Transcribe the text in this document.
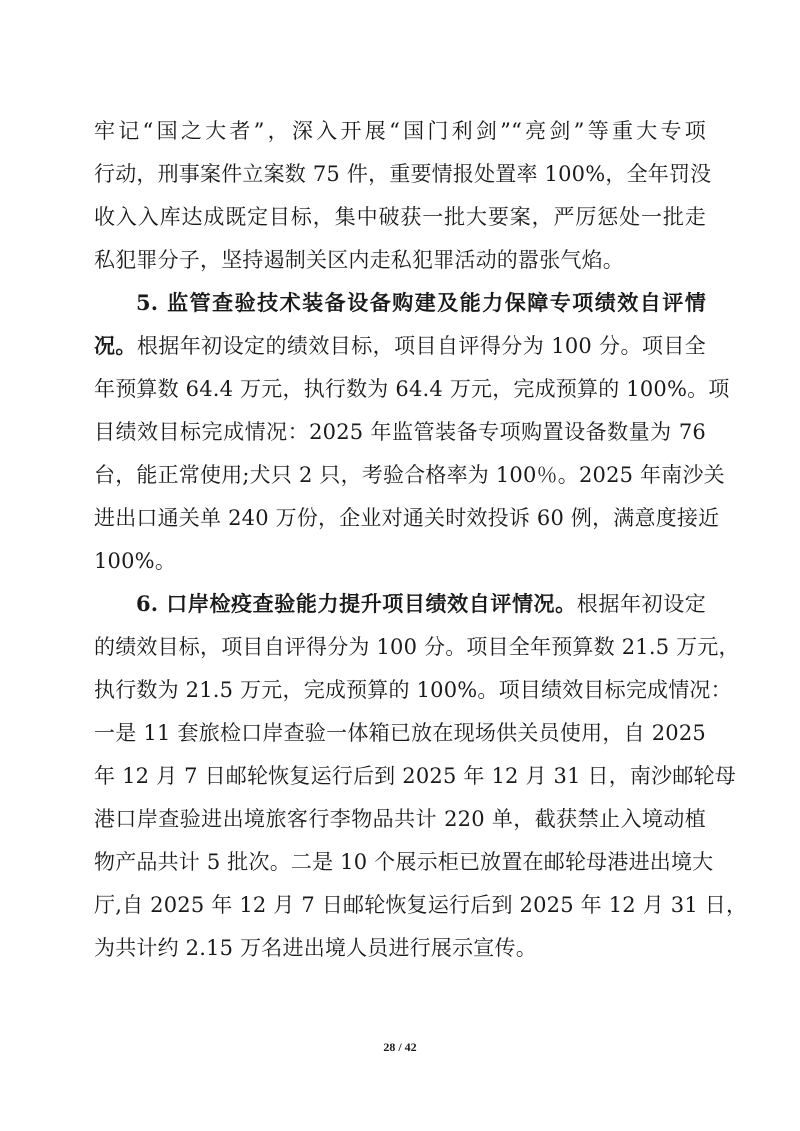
牢记“国之大者”，深入开展“国门利剑”“亮剑”等重大专项
行动，刑事案件立案数 75 件，重要情报处置率 100%，全年罚没
收入入库达成既定目标，集中破获一批大要案，严厉惩处一批走
私犯罪分子，坚持遏制关区内走私犯罪活动的嚣张气焰。
5. 监管查验技术装备设备购建及能力保障专项绩效自评情
况。根据年初设定的绩效目标，项目自评得分为 100 分。项目全
年预算数 64.4 万元，执行数为 64.4 万元，完成预算的 100%。项
目绩效目标完成情况：2025 年监管装备专项购置设备数量为 76
台，能正常使用;犬只 2 只，考验合格率为 100％。2025 年南沙关
进出口通关单 240 万份，企业对通关时效投诉 60 例，满意度接近
100%。
6. 口岸检疫查验能力提升项目绩效自评情况。根据年初设定
的绩效目标，项目自评得分为 100 分。项目全年预算数 21.5 万元，
执行数为 21.5 万元，完成预算的 100%。项目绩效目标完成情况：
一是 11 套旅检口岸查验一体箱已放在现场供关员使用，自 2025
年 12 月 7 日邮轮恢复运行后到 2025 年 12 月 31 日，南沙邮轮母
港口岸查验进出境旅客行李物品共计 220 单，截获禁止入境动植
物产品共计 5 批次。二是 10 个展示柜已放置在邮轮母港进出境大
厅,自 2025 年 12 月 7 日邮轮恢复运行后到 2025 年 12 月 31 日，
为共计约 2.15 万名进出境人员进行展示宣传。
28 / 42
